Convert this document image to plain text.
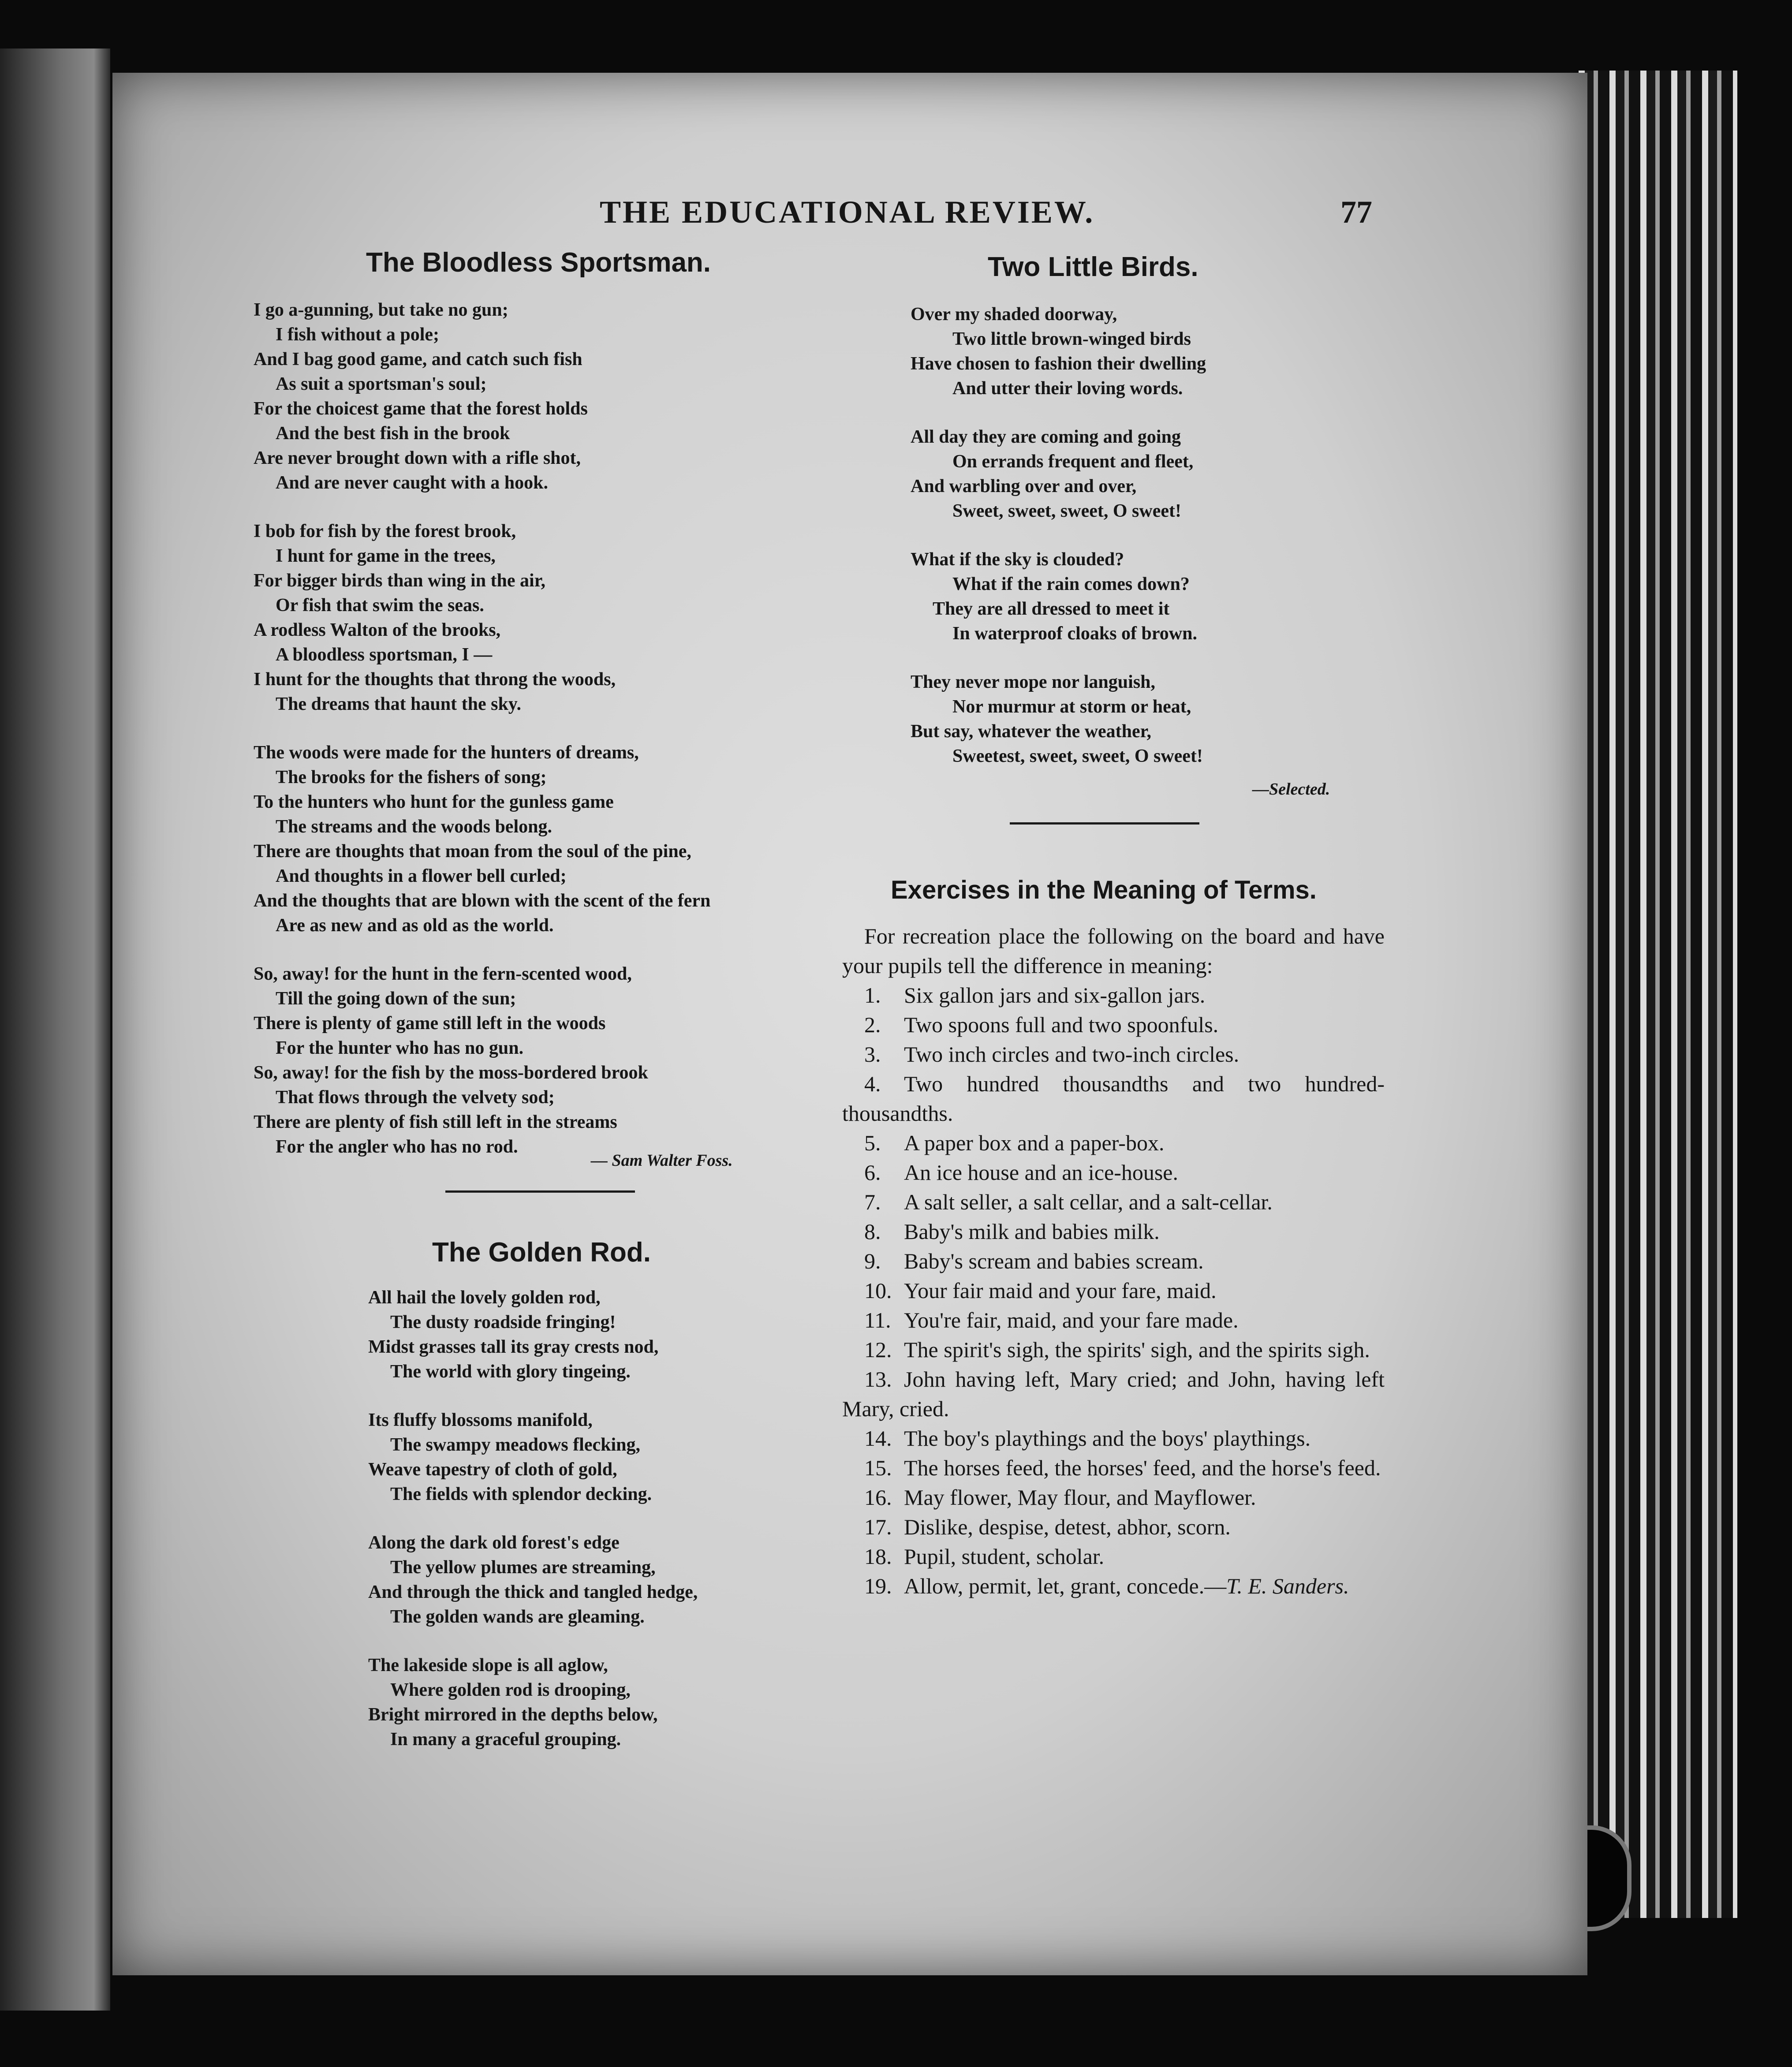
THE EDUCATIONAL REVIEW.	77
The Bloodless Sportsman.
I go a-gunning, but take no gun;
I fish without a pole;
And I bag good game, and catch such fish
As suit a sportsman's soul;
For the choicest game that the forest holds
And the best fish in the brook
Are never brought down with a rifle shot,
And are never caught with a hook.
I bob for fish by the forest brook,
I hunt for game in the trees,
For bigger birds than wing in the air,
Or fish that swim the seas.
A rodless Walton of the brooks,
A bloodless sportsman, I —
I hunt for the thoughts that throng the woods,
The dreams that haunt the sky.
The woods were made for the hunters of dreams,
The brooks for the fishers of song;
To the hunters who hunt for the gunless game
The streams and the woods belong.
There are thoughts that moan from the soul of the pine,
And thoughts in a flower bell curled;
And the thoughts that are blown with the scent of the fern
Are as new and as old as the world.
So, away! for the hunt in the fern-scented wood,
Till the going down of the sun;
There is plenty of game still left in the woods
For the hunter who has no gun.
So, away! for the fish by the moss-bordered brook
That flows through the velvety sod;
There are plenty of fish still left in the streams
For the angler who has no rod.
— Sam Walter Foss.
The Golden Rod.
All hail the lovely golden rod,
The dusty roadside fringing!
Midst grasses tall its gray crests nod,
The world with glory tingeing.
Its fluffy blossoms manifold,
The swampy meadows flecking,
Weave tapestry of cloth of gold,
The fields with splendor decking.
Along the dark old forest's edge
The yellow plumes are streaming,
And through the thick and tangled hedge,
The golden wands are gleaming.
The lakeside slope is all aglow,
Where golden rod is drooping,
Bright mirrored in the depths below,
In many a graceful grouping.
Two Little Birds.
Over my shaded doorway,
Two little brown-winged birds
Have chosen to fashion their dwelling
And utter their loving words.
All day they are coming and going
On errands frequent and fleet,
And warbling over and over,
Sweet, sweet, sweet, O sweet!
What if the sky is clouded?
What if the rain comes down?
They are all dressed to meet it
In waterproof cloaks of brown.
They never mope nor languish,
Nor murmur at storm or heat,
But say, whatever the weather,
Sweetest, sweet, sweet, O sweet!
—Selected.
Exercises in the Meaning of Terms.

For recreation place the following on the board and have your pupils tell the difference in meaning:

1. Six gallon jars and six-gallon jars.

2. Two spoons full and two spoonfuls.

3. Two inch circles and two-inch circles.

4. Two hundred thousandths and two hundred-thousandths.

5. A paper box and a paper-box.

6. An ice house and an ice-house.

7. A salt seller, a salt cellar, and a salt-cellar.

8. Baby's milk and babies milk.

9. Baby's scream and babies scream.

10. Your fair maid and your fare, maid.

11. You're fair, maid, and your fare made.

12. The spirit's sigh, the spirits' sigh, and the spirits sigh.

13. John having left, Mary cried; and John, having left Mary, cried.

14. The boy's playthings and the boys' playthings.

15. The horses feed, the horses' feed, and the horse's feed.

16. May flower, May flour, and Mayflower.

17. Dislike, despise, detest, abhor, scorn.

18. Pupil, student, scholar.

19. Allow, permit, let, grant, concede.—T. E. Sanders.
